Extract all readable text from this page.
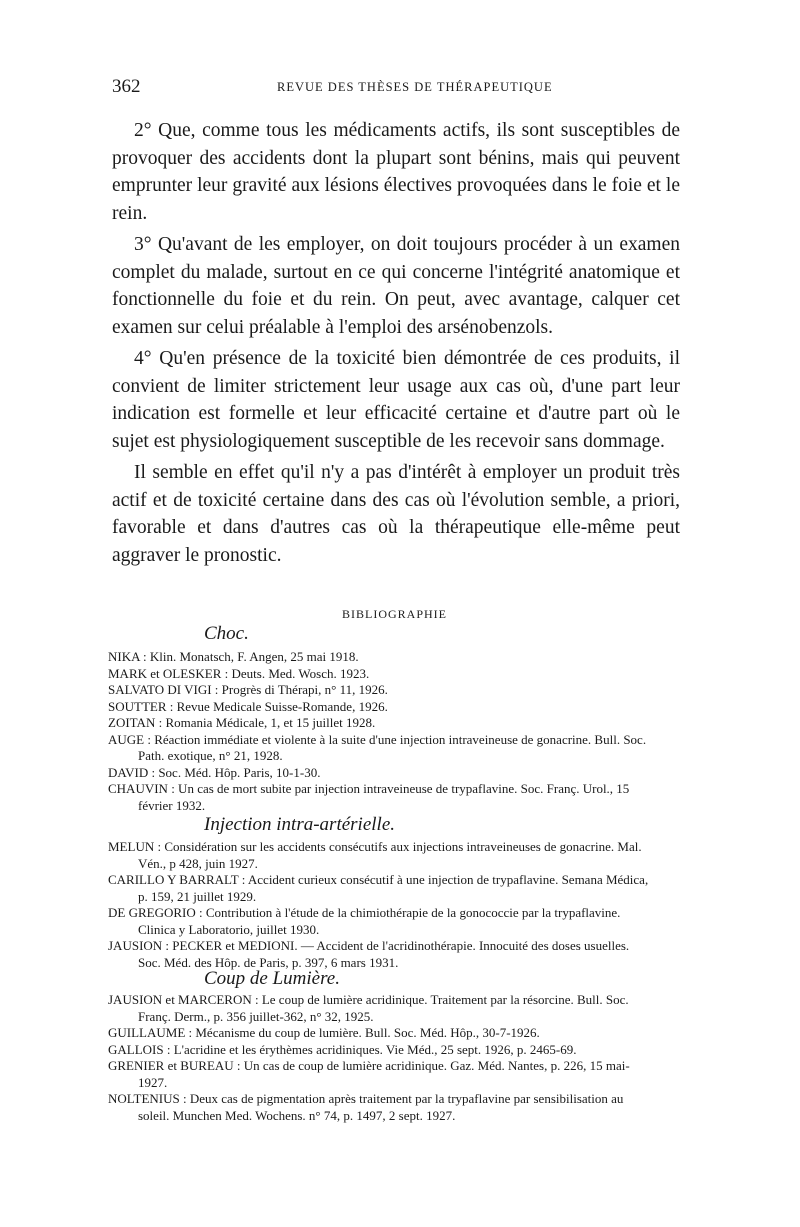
362	REVUE DES THÈSES DE THÉRAPEUTIQUE

2° Que, comme tous les médicaments actifs, ils sont susceptibles de provoquer des accidents dont la plupart sont bénins, mais qui peuvent emprunter leur gravité aux lésions électives provoquées dans le foie et le rein.

3° Qu'avant de les employer, on doit toujours procéder à un examen complet du malade, surtout en ce qui concerne l'intégrité anatomique et fonctionnelle du foie et du rein. On peut, avec avantage, calquer cet examen sur celui préalable à l'emploi des arsénobenzols.

4° Qu'en présence de la toxicité bien démontrée de ces produits, il convient de limiter strictement leur usage aux cas où, d'une part leur indication est formelle et leur efficacité certaine et d'autre part où le sujet est physiologiquement susceptible de les recevoir sans dommage.

Il semble en effet qu'il n'y a pas d'intérêt à employer un produit très actif et de toxicité certaine dans des cas où l'évolution semble, a priori, favorable et dans d'autres cas où la thérapeutique elle-même peut aggraver le pronostic.

BIBLIOGRAPHIE
Choc.

NIKA : Klin. Monatsch, F. Angen, 25 mai 1918.

MARK et OLESKER : Deuts. Med. Wosch. 1923.

SALVATO DI VIGI : Progrès di Thérapi, n° 11, 1926.

SOUTTER : Revue Medicale Suisse-Romande, 1926.

ZOITAN : Romania Médicale, 1, et 15 juillet 1928.

AUGE : Réaction immédiate et violente à la suite d'une injection intraveineuse de gonacrine. Bull. Soc. Path. exotique, n° 21, 1928.

DAVID : Soc. Méd. Hôp. Paris, 10-1-30.

CHAUVIN : Un cas de mort subite par injection intraveineuse de trypaflavine. Soc. Franç. Urol., 15 février 1932.

Injection intra-artérielle.

MELUN : Considération sur les accidents consécutifs aux injections intraveineuses de gonacrine. Mal. Vén., p 428, juin 1927.

CARILLO Y BARRALT : Accident curieux consécutif à une injection de trypaflavine. Semana Médica, p. 159, 21 juillet 1929.

DE GREGORIO : Contribution à l'étude de la chimiothérapie de la gonococcie par la trypaflavine. Clinica y Laboratorio, juillet 1930.

JAUSION : PECKER et MEDIONI. — Accident de l'acridinothérapie. Innocuité des doses usuelles. Soc. Méd. des Hôp. de Paris, p. 397, 6 mars 1931.

Coup de Lumière.

JAUSION et MARCERON : Le coup de lumière acridinique. Traitement par la résorcine. Bull. Soc. Franç. Derm., p. 356 juillet-362, n° 32, 1925.

GUILLAUME : Mécanisme du coup de lumière. Bull. Soc. Méd. Hôp., 30-7-1926.

GALLOIS : L'acridine et les érythèmes acridiniques. Vie Méd., 25 sept. 1926, p. 2465-69.

GRENIER et BUREAU : Un cas de coup de lumière acridinique. Gaz. Méd. Nantes, p. 226, 15 mai-1927.

NOLTENIUS : Deux cas de pigmentation après traitement par la trypaflavine par sensibilisation au soleil. Munchen Med. Wochens. n° 74, p. 1497, 2 sept. 1927.
